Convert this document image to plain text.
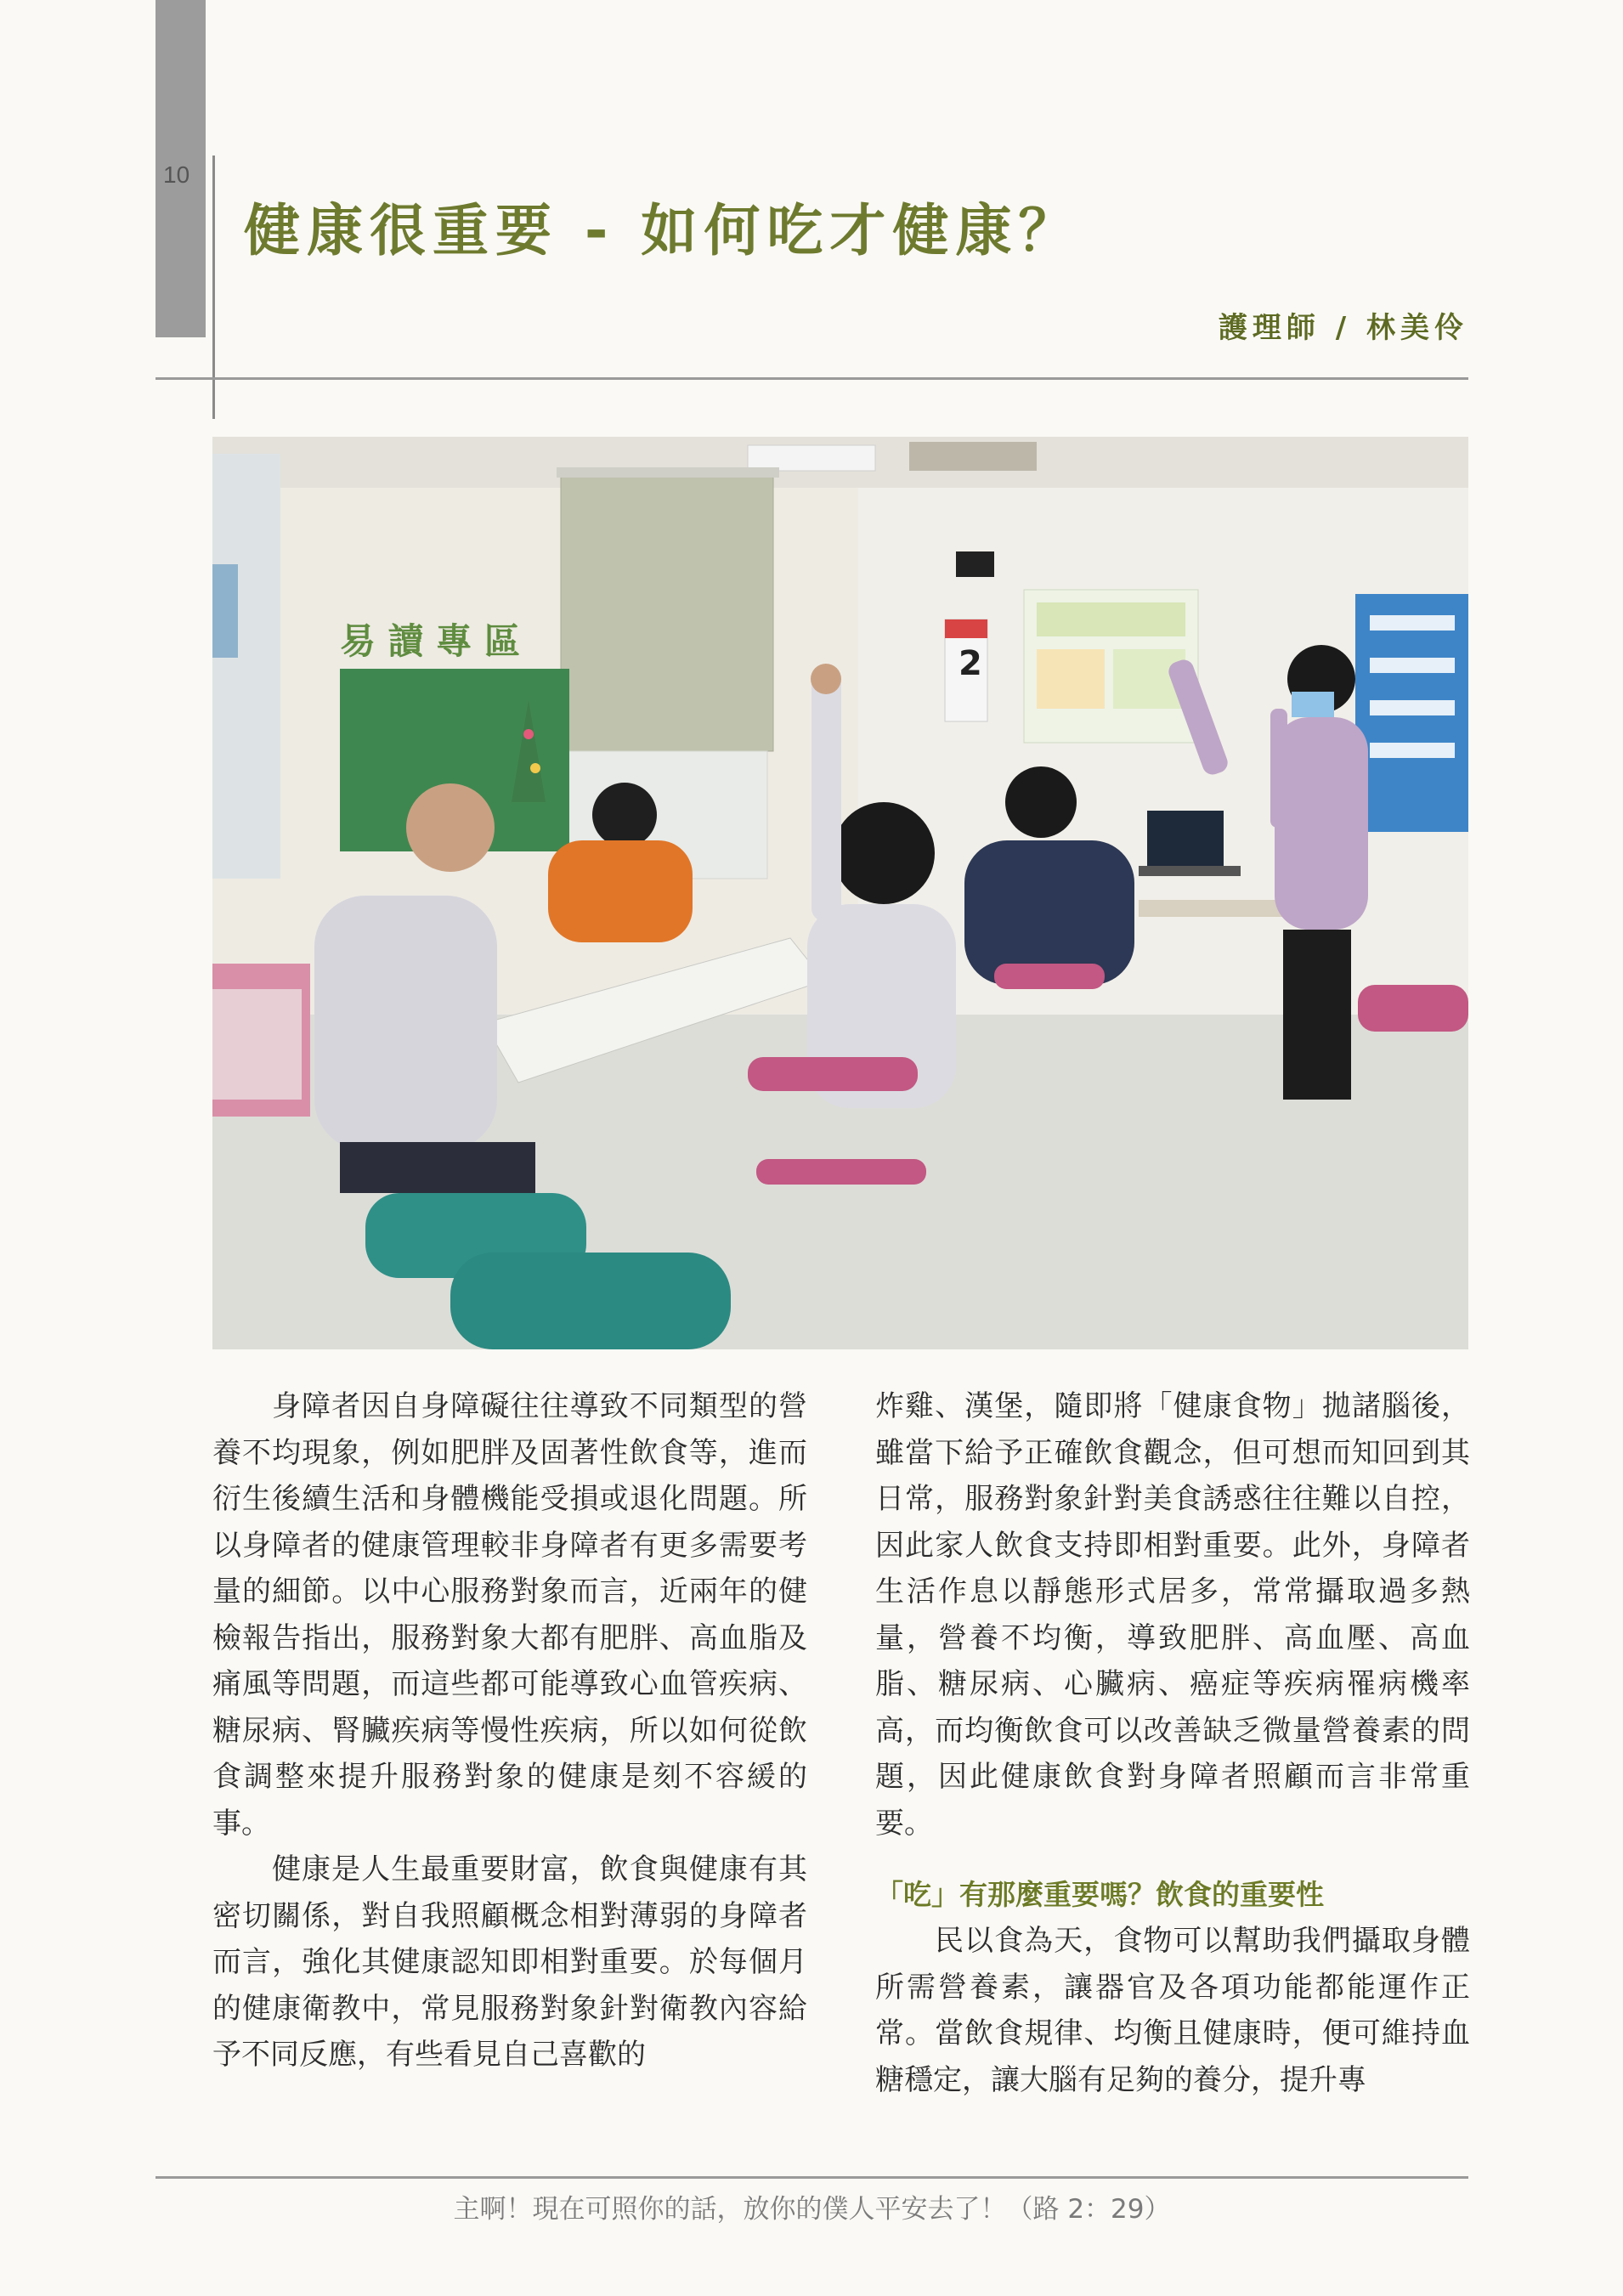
10
健康很重要 - 如何吃才健康？
護理師 / 林美伶
易 讀 專 區
2

身障者因自身障礙往往導致不同類型的營養不均現象，例如肥胖及固著性飲食等，進而衍生後續生活和身體機能受損或退化問題。所以身障者的健康管理較非身障者有更多需要考量的細節。以中心服務對象而言，近兩年的健檢報告指出，服務對象大都有肥胖、高血脂及痛風等問題，而這些都可能導致心血管疾病、糖尿病、腎臟疾病等慢性疾病，所以如何從飲食調整來提升服務對象的健康是刻不容緩的事。

健康是人生最重要財富，飲食與健康有其密切關係，對自我照顧概念相對薄弱的身障者而言，強化其健康認知即相對重要。於每個月的健康衛教中，常見服務對象針對衛教內容給予不同反應，有些看見自己喜歡的

炸雞、漢堡，隨即將「健康食物」拋諸腦後，雖當下給予正確飲食觀念，但可想而知回到其日常，服務對象針對美食誘惑往往難以自控，因此家人飲食支持即相對重要。此外，身障者生活作息以靜態形式居多，常常攝取過多熱量，營養不均衡，導致肥胖、高血壓、高血脂、糖尿病、心臟病、癌症等疾病罹病機率高，而均衡飲食可以改善缺乏微量營養素的問題，因此健康飲食對身障者照顧而言非常重要。

「吃」有那麼重要嗎？飲食的重要性

民以食為天，食物可以幫助我們攝取身體所需營養素，讓器官及各項功能都能運作正常。當飲食規律、均衡且健康時，便可維持血糖穩定，讓大腦有足夠的養分，提升專

主啊！現在可照你的話，放你的僕人平安去了！（路 2：29）
